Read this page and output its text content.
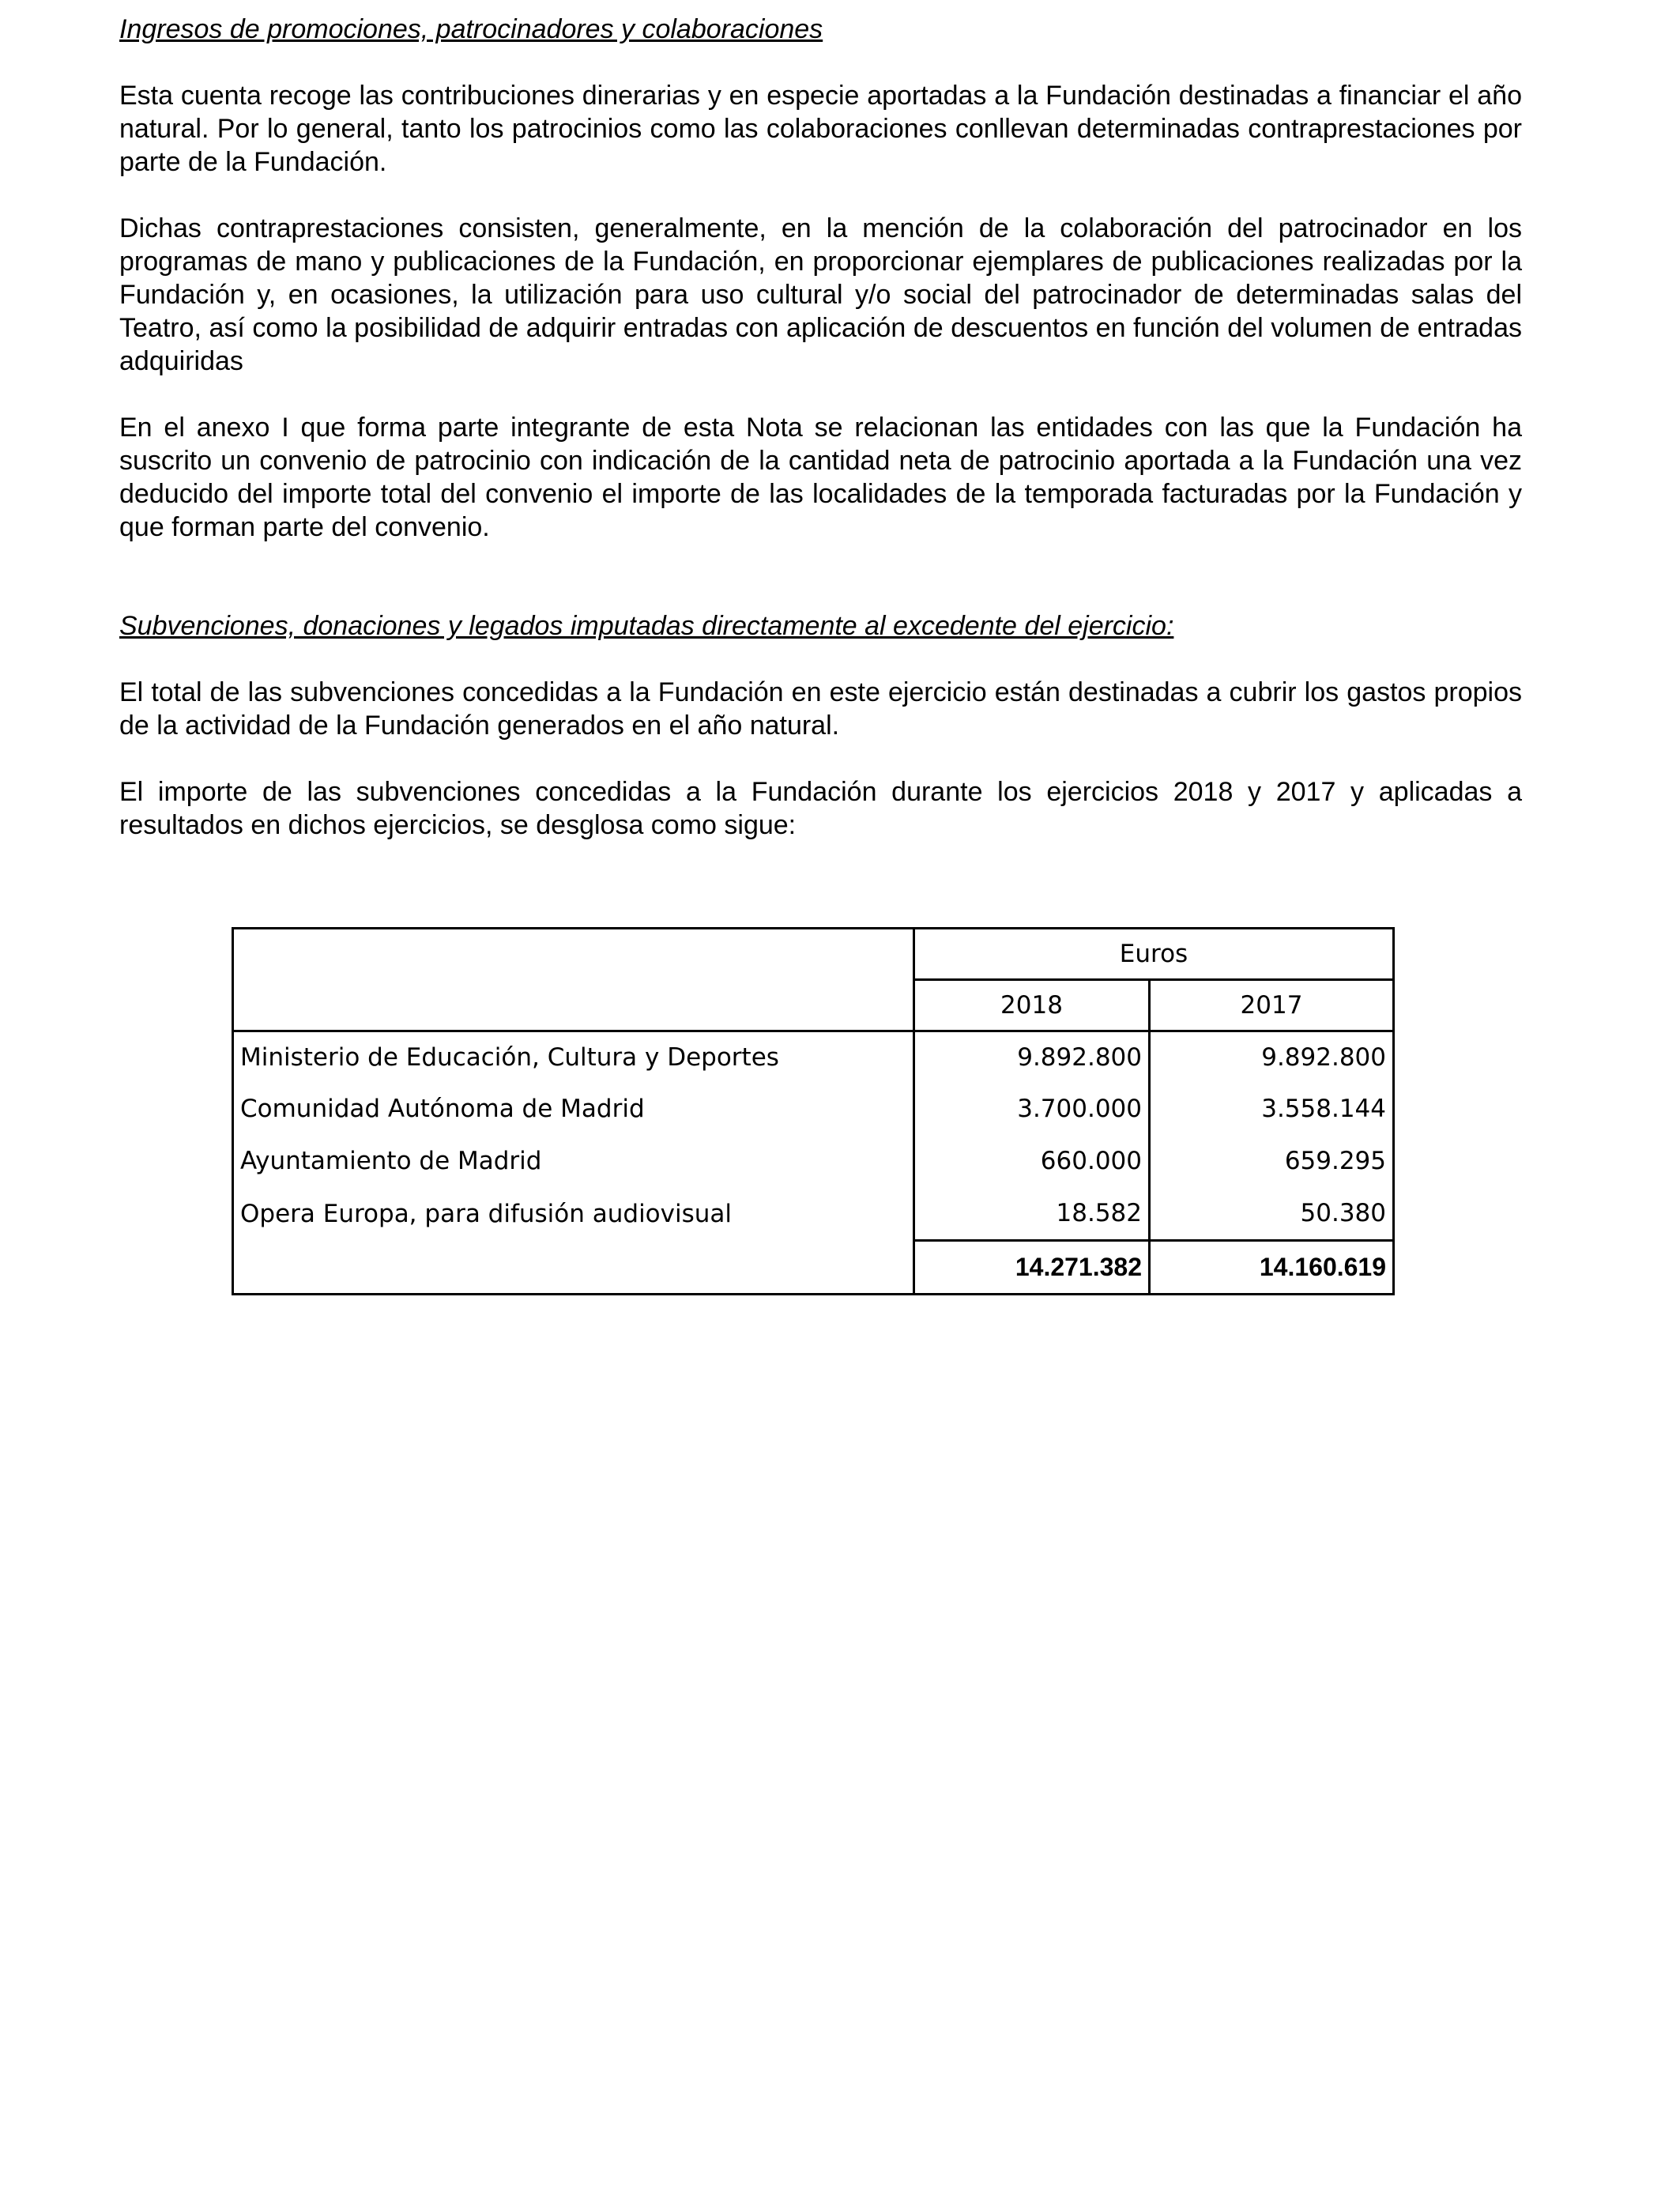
Ingresos de promociones, patrocinadores y colaboraciones

Esta cuenta recoge las contribuciones dinerarias y en especie aportadas a la Fundación destinadas a financiar el año natural. Por lo general, tanto los patrocinios como las colaboraciones conllevan determinadas contraprestaciones por parte de la Fundación.

Dichas contraprestaciones consisten, generalmente, en la mención de la colaboración del patrocinador en los programas de mano y publicaciones de la Fundación, en proporcionar ejemplares de publicaciones realizadas por la Fundación y, en ocasiones, la utilización para uso cultural y/o social del patrocinador de determinadas salas del Teatro, así como la posibilidad de adquirir entradas con aplicación de descuentos en función del volumen de entradas adquiridas

En el anexo I que forma parte integrante de esta Nota se relacionan las entidades con las que la Fundación ha suscrito un convenio de patrocinio con indicación de la cantidad neta de patrocinio aportada a la Fundación una vez deducido del importe total del convenio el importe de las localidades de la temporada facturadas por la Fundación y que forman parte del convenio.

Subvenciones, donaciones y legados imputadas directamente al excedente del ejercicio:

El total de las subvenciones concedidas a la Fundación en este ejercicio están destinadas a cubrir los gastos propios de la actividad de la Fundación generados en el año natural.

El importe de las subvenciones concedidas a la Fundación durante los ejercicios 2018 y 2017 y aplicadas a resultados en dichos ejercicios, se desglosa como sigue:

	Euros	
	2018	2017
Ministerio de Educación, Cultura y Deportes	9.892.800	9.892.800
Comunidad Autónoma de Madrid	3.700.000	3.558.144
Ayuntamiento de Madrid	660.000	659.295
Opera Europa, para difusión audiovisual	18.582	50.380
	14.271.382	14.160.619
